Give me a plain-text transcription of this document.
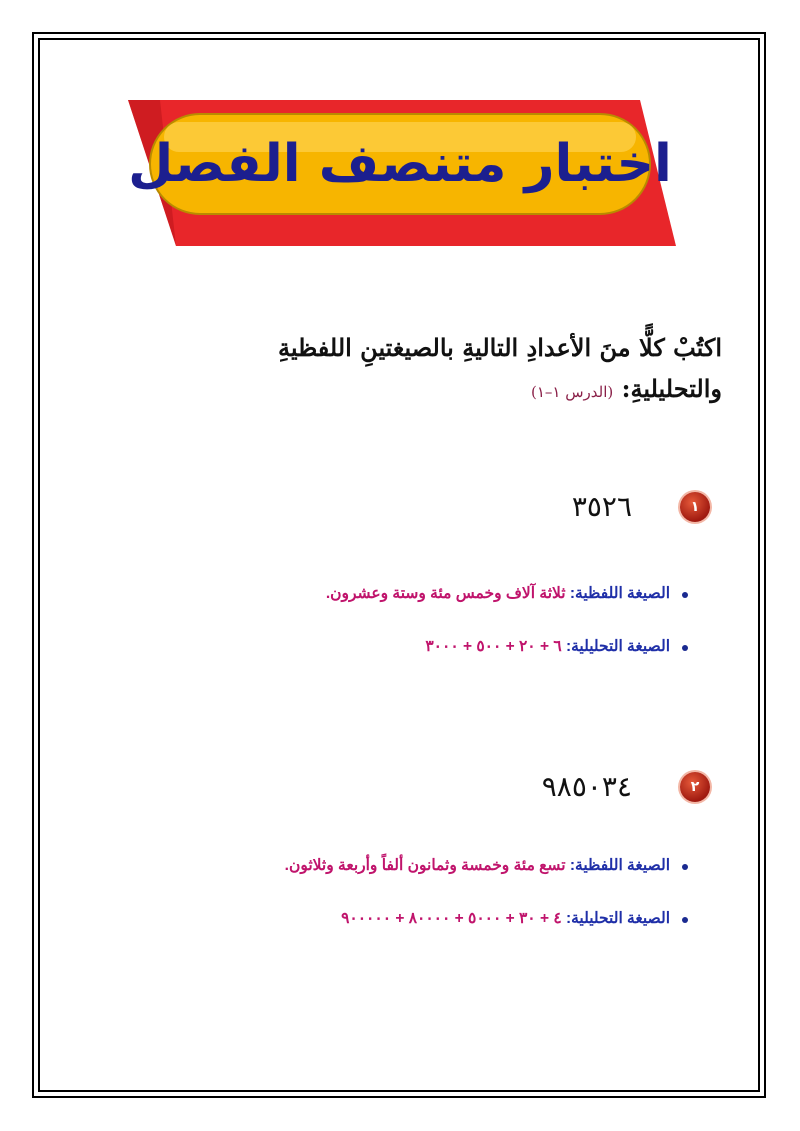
اختبار متنصف الفصل
اكتُبْ كلًّا منَ الأعدادِ التاليةِ بالصيغتينِ اللفظيةِ
والتحليليةِ: (الدرس ١–١)
١
٣٥٢٦
الصيغة اللفظية: ثلاثة آلاف وخمس مئة وستة وعشرون.
الصيغة التحليلية: ٦ + ٢٠ + ٥٠٠ + ٣٠٠٠
٢
٩٨٥٠٣٤
الصيغة اللفظية: تسع مئة وخمسة وثمانون ألفاً وأربعة وثلاثون.
الصيغة التحليلية: ٤ + ٣٠ + ٥٠٠٠ + ٨٠٠٠٠ + ٩٠٠٠٠٠
